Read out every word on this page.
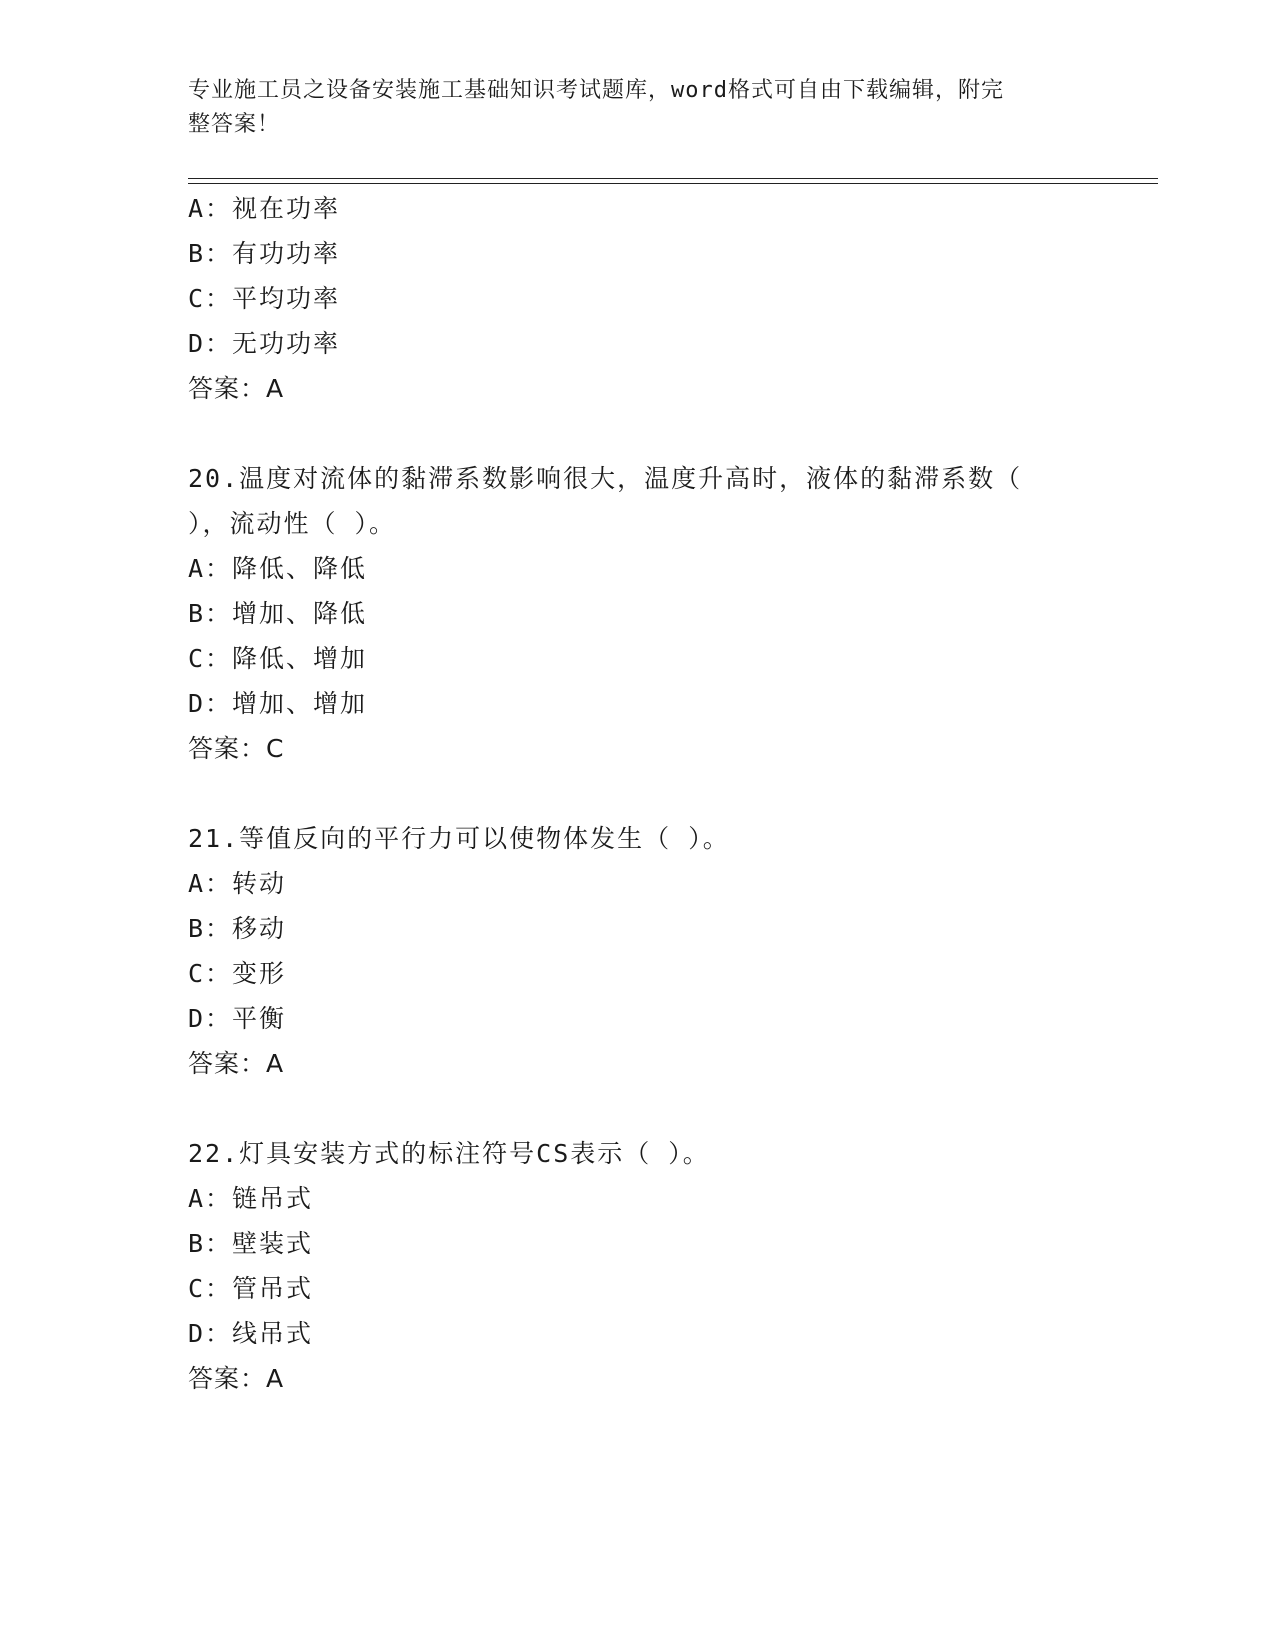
专业施工员之设备安装施工基础知识考试题库，word格式可自由下载编辑，附完
整答案！
A：视在功率
B：有功功率
C：平均功率
D：无功功率
答案：A
20.温度对流体的黏滞系数影响很大，温度升高时，液体的黏滞系数（
），流动性（ ）。
A：降低、降低
B：增加、降低
C：降低、增加
D：增加、增加
答案：C
21.等值反向的平行力可以使物体发生（ ）。
A：转动
B：移动
C：变形
D：平衡
答案：A
22.灯具安装方式的标注符号CS表示（ ）。
A：链吊式
B：壁装式
C：管吊式
D：线吊式
答案：A
